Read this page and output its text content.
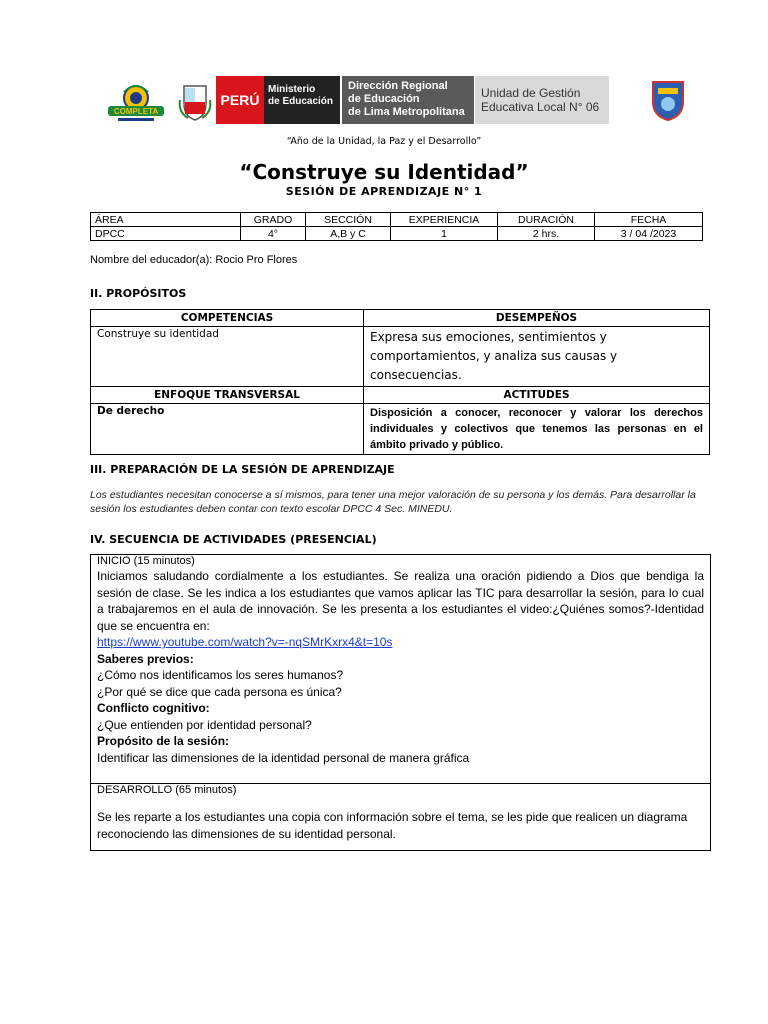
COMPLETA
PERÚ
Ministerio
de Educación
Dirección Regional
de Educación
de Lima Metropolitana
Unidad de Gestión
Educativa Local N° 06
“Año de la Unidad, la Paz y el Desarrollo”
“Construye su Identidad”
SESIÓN DE APRENDIZAJE N° 1
ÁREA	GRADO	SECCIÓN	EXPERIENCIA	DURACIÓN	FECHA
DPCC	4°	A,B y C	1	2 hrs.	3 / 04 /2023
Nombre del educador(a): Rocio Pro Flores
II. PROPÓSITOS
COMPETENCIAS	DESEMPEÑOS
Construye su identidad	Expresa sus emociones, sentimientos y comportamientos, y analiza sus causas y consecuencias.
ENFOQUE TRANSVERSAL	ACTITUDES
De derecho	Disposición a conocer, reconocer y valorar los derechos individuales y colectivos que tenemos las personas en el ámbito privado y público.
III. PREPARACIÓN DE LA SESIÓN DE APRENDIZAJE
Los estudiantes necesitan conocerse a sí mismos, para tener una mejor valoración de su persona y los demás. Para desarrollar la sesión los estudiantes deben contar con texto escolar DPCC 4 Sec. MINEDU.
IV. SECUENCIA DE ACTIVIDADES (PRESENCIAL)
INICIO (15 minutos)

Iniciamos saludando cordialmente a los estudiantes. Se realiza una oración pidiendo a Dios que bendiga la sesión de clase. Se les indica a los estudiantes que vamos aplicar las TIC para desarrollar la sesión, para lo cual a trabajaremos en el aula de innovación. Se les presenta a los estudiantes el video:¿Quiénes somos?-Identidad que se encuentra en:

https://www.youtube.com/watch?v=-nqSMrKxrx4&t=10s

Saberes previos:

¿Cómo nos identificamos los seres humanos?

¿Por qué se dice que cada persona es única?

Conflicto cognitivo:

¿Que entienden por identidad personal?

Propósito de la sesión:

Identificar las dimensiones de la identidad personal de manera gráfica

DESARROLLO (65 minutos)

Se les reparte a los estudiantes una copia con información sobre el tema, se les pide que realicen un diagrama reconociendo las dimensiones de su identidad personal.
